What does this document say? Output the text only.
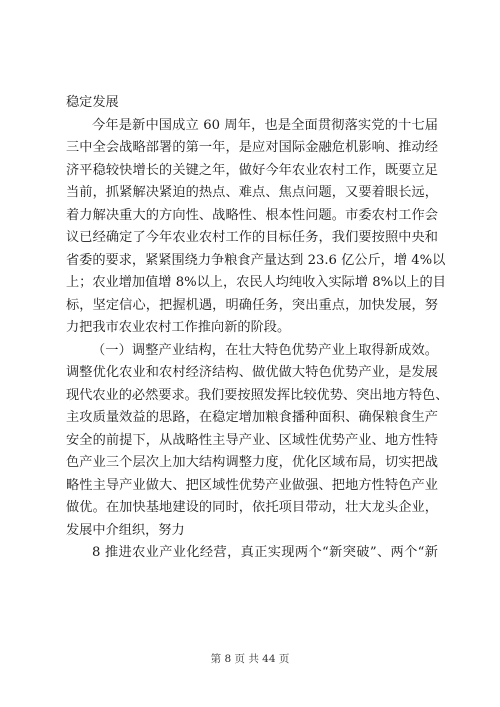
稳定发展
今年是新中国成立 60 周年，也是全面贯彻落实党的十七届
三中全会战略部署的第一年，是应对国际金融危机影响、推动经
济平稳较快增长的关键之年，做好今年农业农村工作，既要立足
当前，抓紧解决紧迫的热点、难点、焦点问题，又要着眼长远，
着力解决重大的方向性、战略性、根本性问题。市委农村工作会
议已经确定了今年农业农村工作的目标任务，我们要按照中央和
省委的要求，紧紧围绕力争粮食产量达到 23.6 亿公斤，增 4%以
上；农业增加值增 8%以上，农民人均纯收入实际增 8%以上的目
标，坚定信心，把握机遇，明确任务，突出重点，加快发展，努
力把我市农业农村工作推向新的阶段。
（一）调整产业结构，在壮大特色优势产业上取得新成效。
调整优化农业和农村经济结构、做优做大特色优势产业，是发展
现代农业的必然要求。我们要按照发挥比较优势、突出地方特色、
主攻质量效益的思路，在稳定增加粮食播种面积、确保粮食生产
安全的前提下，从战略性主导产业、区域性优势产业、地方性特
色产业三个层次上加大结构调整力度，优化区域布局，切实把战
略性主导产业做大、把区域性优势产业做强、把地方性特色产业
做优。在加快基地建设的同时，依托项目带动，壮大龙头企业，
发展中介组织，努力
8 推进农业产业化经营，真正实现两个“新突破”、两个“新
第 8 页 共 44 页
